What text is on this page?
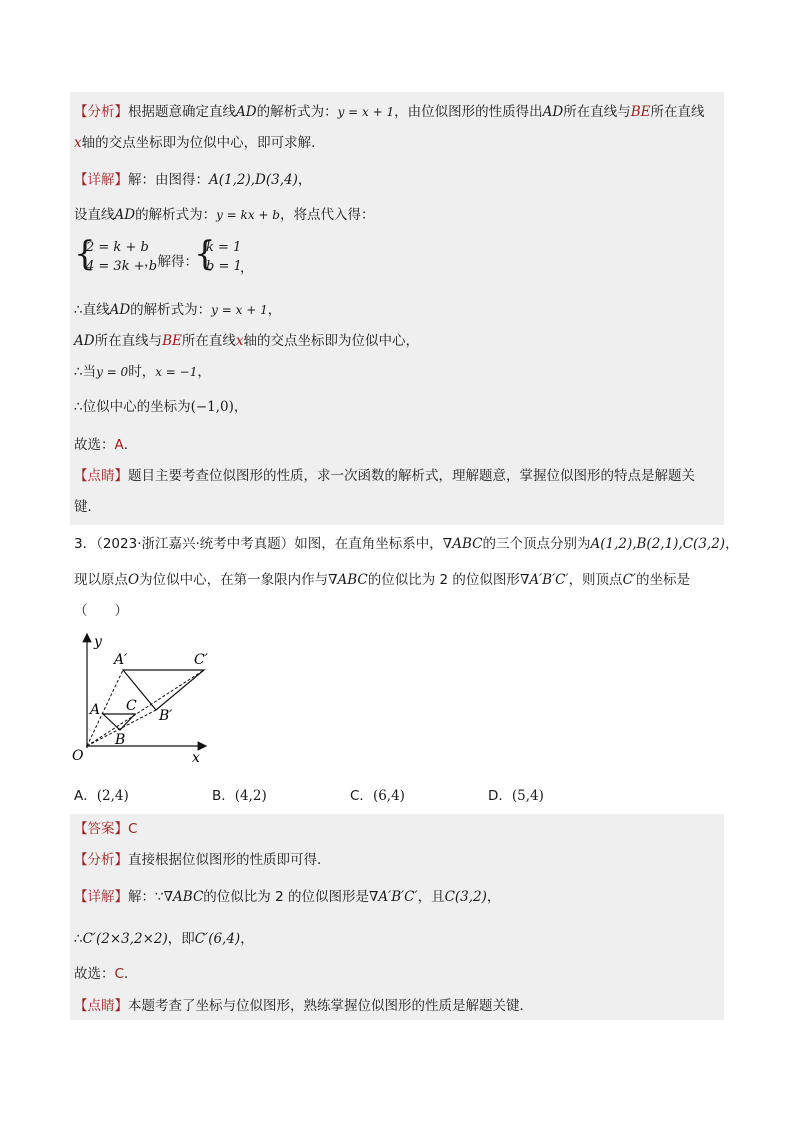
【分析】根据题意确定直线AD的解析式为：y = x + 1，由位似图形的性质得出AD所在直线与BE所在直线
x轴的交点坐标即为位似中心，即可求解．
【详解】解：由图得：A(1,2),D(3,4)，
设直线AD的解析式为：y = kx + b，将点代入得：
{
2 = k + b
4 = 3k + b
，解得：
{
k = 1
b = 1
，
∴直线AD的解析式为：y = x + 1，
AD所在直线与BE所在直线x轴的交点坐标即为位似中心，
∴当y = 0时，x = −1，
∴位似中心的坐标为(−1,0)，
故选：A．
【点睛】题目主要考查位似图形的性质，求一次函数的解析式，理解题意，掌握位似图形的特点是解题关
键．
3．（2023·浙江嘉兴·统考中考真题）如图，在直角坐标系中，∇ABC的三个顶点分别为A(1,2),B(2,1),C(3,2)，
现以原点O为位似中心，在第一象限内作与∇ABC的位似比为 2 的位似图形∇A′B′C′，则顶点C′的坐标是
（　　）
y
x
O
A
B
C
A′
B′
C′
A．(2,4)	B．(4,2)	C．(6,4)	D．(5,4)
【答案】C
【分析】直接根据位似图形的性质即可得．
【详解】解：∵∇ABC的位似比为 2 的位似图形是∇A′B′C′，且C(3,2)，
∴C′(2×3,2×2)，即C′(6,4)，
故选：C．
【点睛】本题考查了坐标与位似图形，熟练掌握位似图形的性质是解题关键．
